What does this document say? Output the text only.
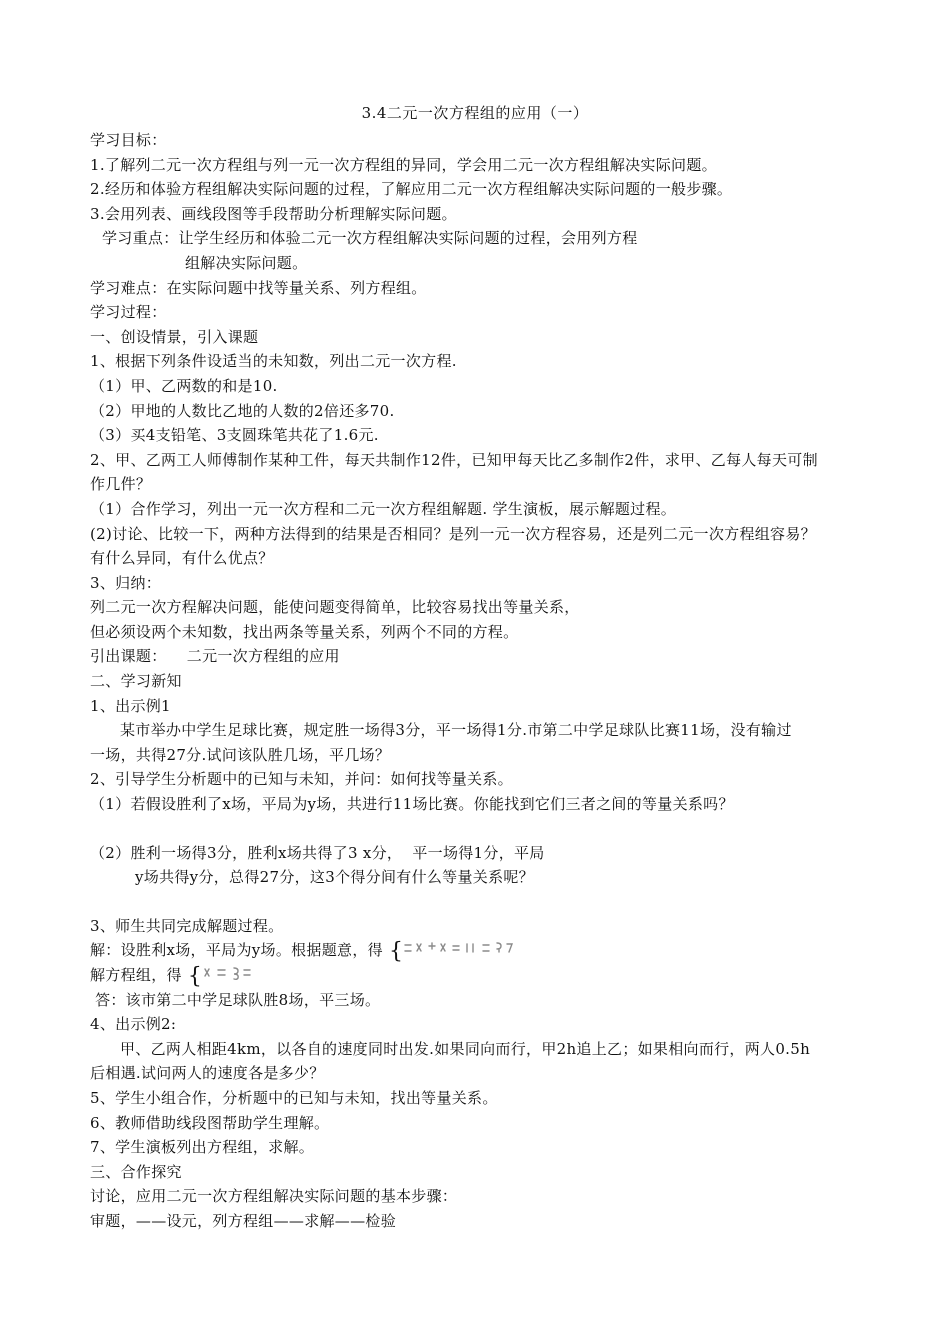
3.4二元一次方程组的应用（一）
学习目标：
1.了解列二元一次方程组与列一元一次方程组的异同，学会用二元一次方程组解决实际问题。
2.经历和体验方程组解决实际问题的过程，了解应用二元一次方程组解决实际问题的一般步骤。
3.会用列表、画线段图等手段帮助分析理解实际问题。
学习重点：让学生经历和体验二元一次方程组解决实际问题的过程，会用列方程
组解决实际问题。
学习难点：在实际问题中找等量关系、列方程组。
学习过程：
一、创设情景，引入课题
1、根据下列条件设适当的未知数，列出二元一次方程.
（1）甲、乙两数的和是10.
（2）甲地的人数比乙地的人数的2倍还多70.
（3）买4支铅笔、3支圆珠笔共花了1.6元.
2、甲、乙两工人师傅制作某种工件，每天共制作12件，已知甲每天比乙多制作2件，求甲、乙每人每天可制
作几件？
（1）合作学习，列出一元一次方程和二元一次方程组解题. 学生演板，展示解题过程。
(2)讨论、比较一下，两种方法得到的结果是否相同？是列一元一次方程容易，还是列二元一次方程组容易？
有什么异同，有什么优点？
3、归纳：
列二元一次方程解决问题，能使问题变得简单，比较容易找出等量关系，
但必须设两个未知数，找出两条等量关系，列两个不同的方程。
引出课题：    二元一次方程组的应用
二、学习新知
1、出示例1
某市举办中学生足球比赛，规定胜一场得3分，平一场得1分.市第二中学足球队比赛11场，没有输过
一场，共得27分.试问该队胜几场，平几场？
2、引导学生分析题中的已知与未知，并问：如何找等量关系。
（1）若假设胜利了x场，平局为y场，共进行11场比赛。你能找到它们三者之间的等量关系吗？
（2）胜利一场得3分，胜利x场共得了3 x分，  平一场得1分，平局
y场共得y分，总得27分，这3个得分间有什么等量关系呢？
3、师生共同完成解题过程。
解：设胜利x场，平局为y场。根据题意，得 {
解方程组，得 {
答：该市第二中学足球队胜8场，平三场。
4、出示例2:
甲、乙两人相距4km，以各自的速度同时出发.如果同向而行，甲2h追上乙；如果相向而行，两人0.5h
后相遇.试问两人的速度各是多少？
5、学生小组合作，分析题中的已知与未知，找出等量关系。
6、教师借助线段图帮助学生理解。
7、学生演板列出方程组，求解。
三、合作探究
讨论，应用二元一次方程组解决实际问题的基本步骤：
审题，——设元，列方程组——求解——检验
